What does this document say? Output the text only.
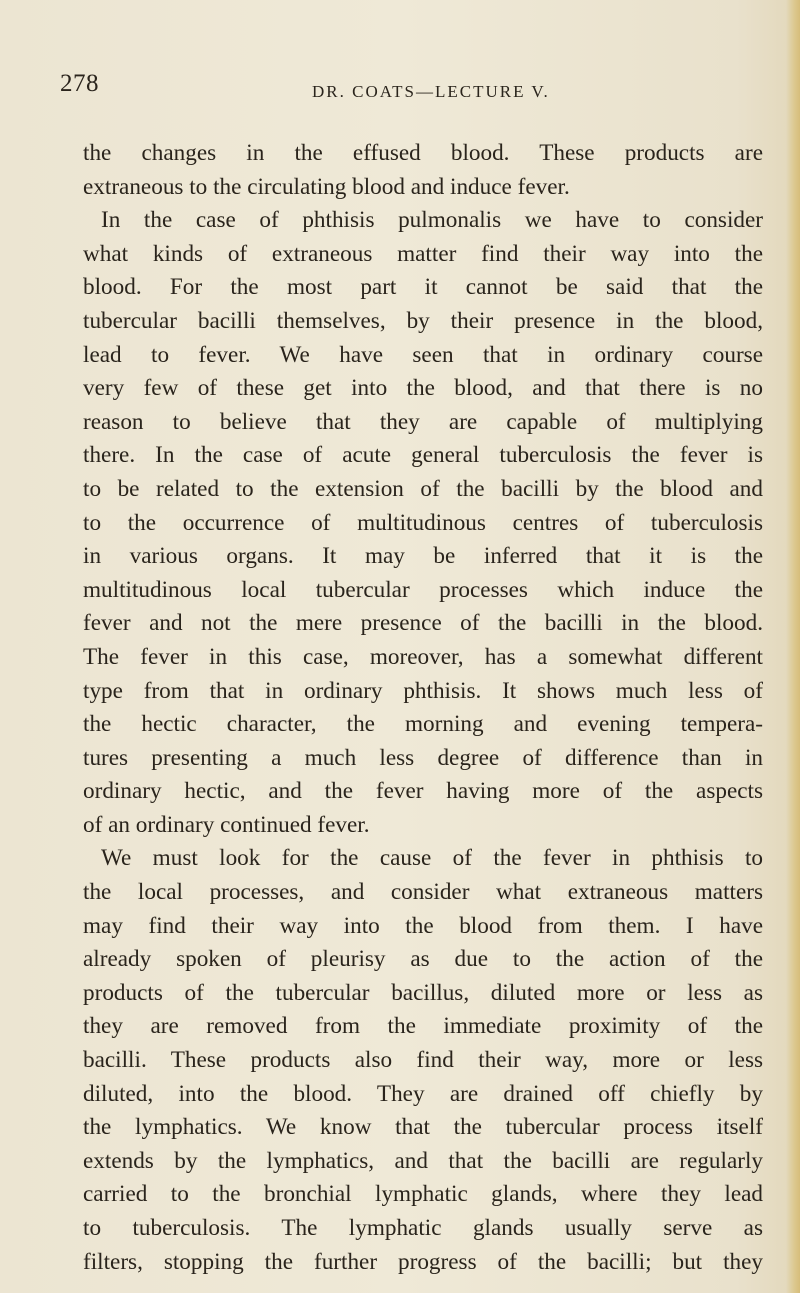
278	DR. COATS—LECTURE V.
the changes in the effused blood. These products are
extraneous to the circulating blood and induce fever.
In the case of phthisis pulmonalis we have to consider
what kinds of extraneous matter find their way into the
blood. For the most part it cannot be said that the
tubercular bacilli themselves, by their presence in the blood,
lead to fever. We have seen that in ordinary course
very few of these get into the blood, and that there is no
reason to believe that they are capable of multiplying
there. In the case of acute general tuberculosis the fever is
to be related to the extension of the bacilli by the blood and
to the occurrence of multitudinous centres of tuberculosis
in various organs. It may be inferred that it is the
multitudinous local tubercular processes which induce the
fever and not the mere presence of the bacilli in the blood.
The fever in this case, moreover, has a somewhat different
type from that in ordinary phthisis. It shows much less of
the hectic character, the morning and evening tempera-
tures presenting a much less degree of difference than in
ordinary hectic, and the fever having more of the aspects
of an ordinary continued fever.
We must look for the cause of the fever in phthisis to
the local processes, and consider what extraneous matters
may find their way into the blood from them. I have
already spoken of pleurisy as due to the action of the
products of the tubercular bacillus, diluted more or less as
they are removed from the immediate proximity of the
bacilli. These products also find their way, more or less
diluted, into the blood. They are drained off chiefly by
the lymphatics. We know that the tubercular process itself
extends by the lymphatics, and that the bacilli are regularly
carried to the bronchial lymphatic glands, where they lead
to tuberculosis. The lymphatic glands usually serve as
filters, stopping the further progress of the bacilli; but they
